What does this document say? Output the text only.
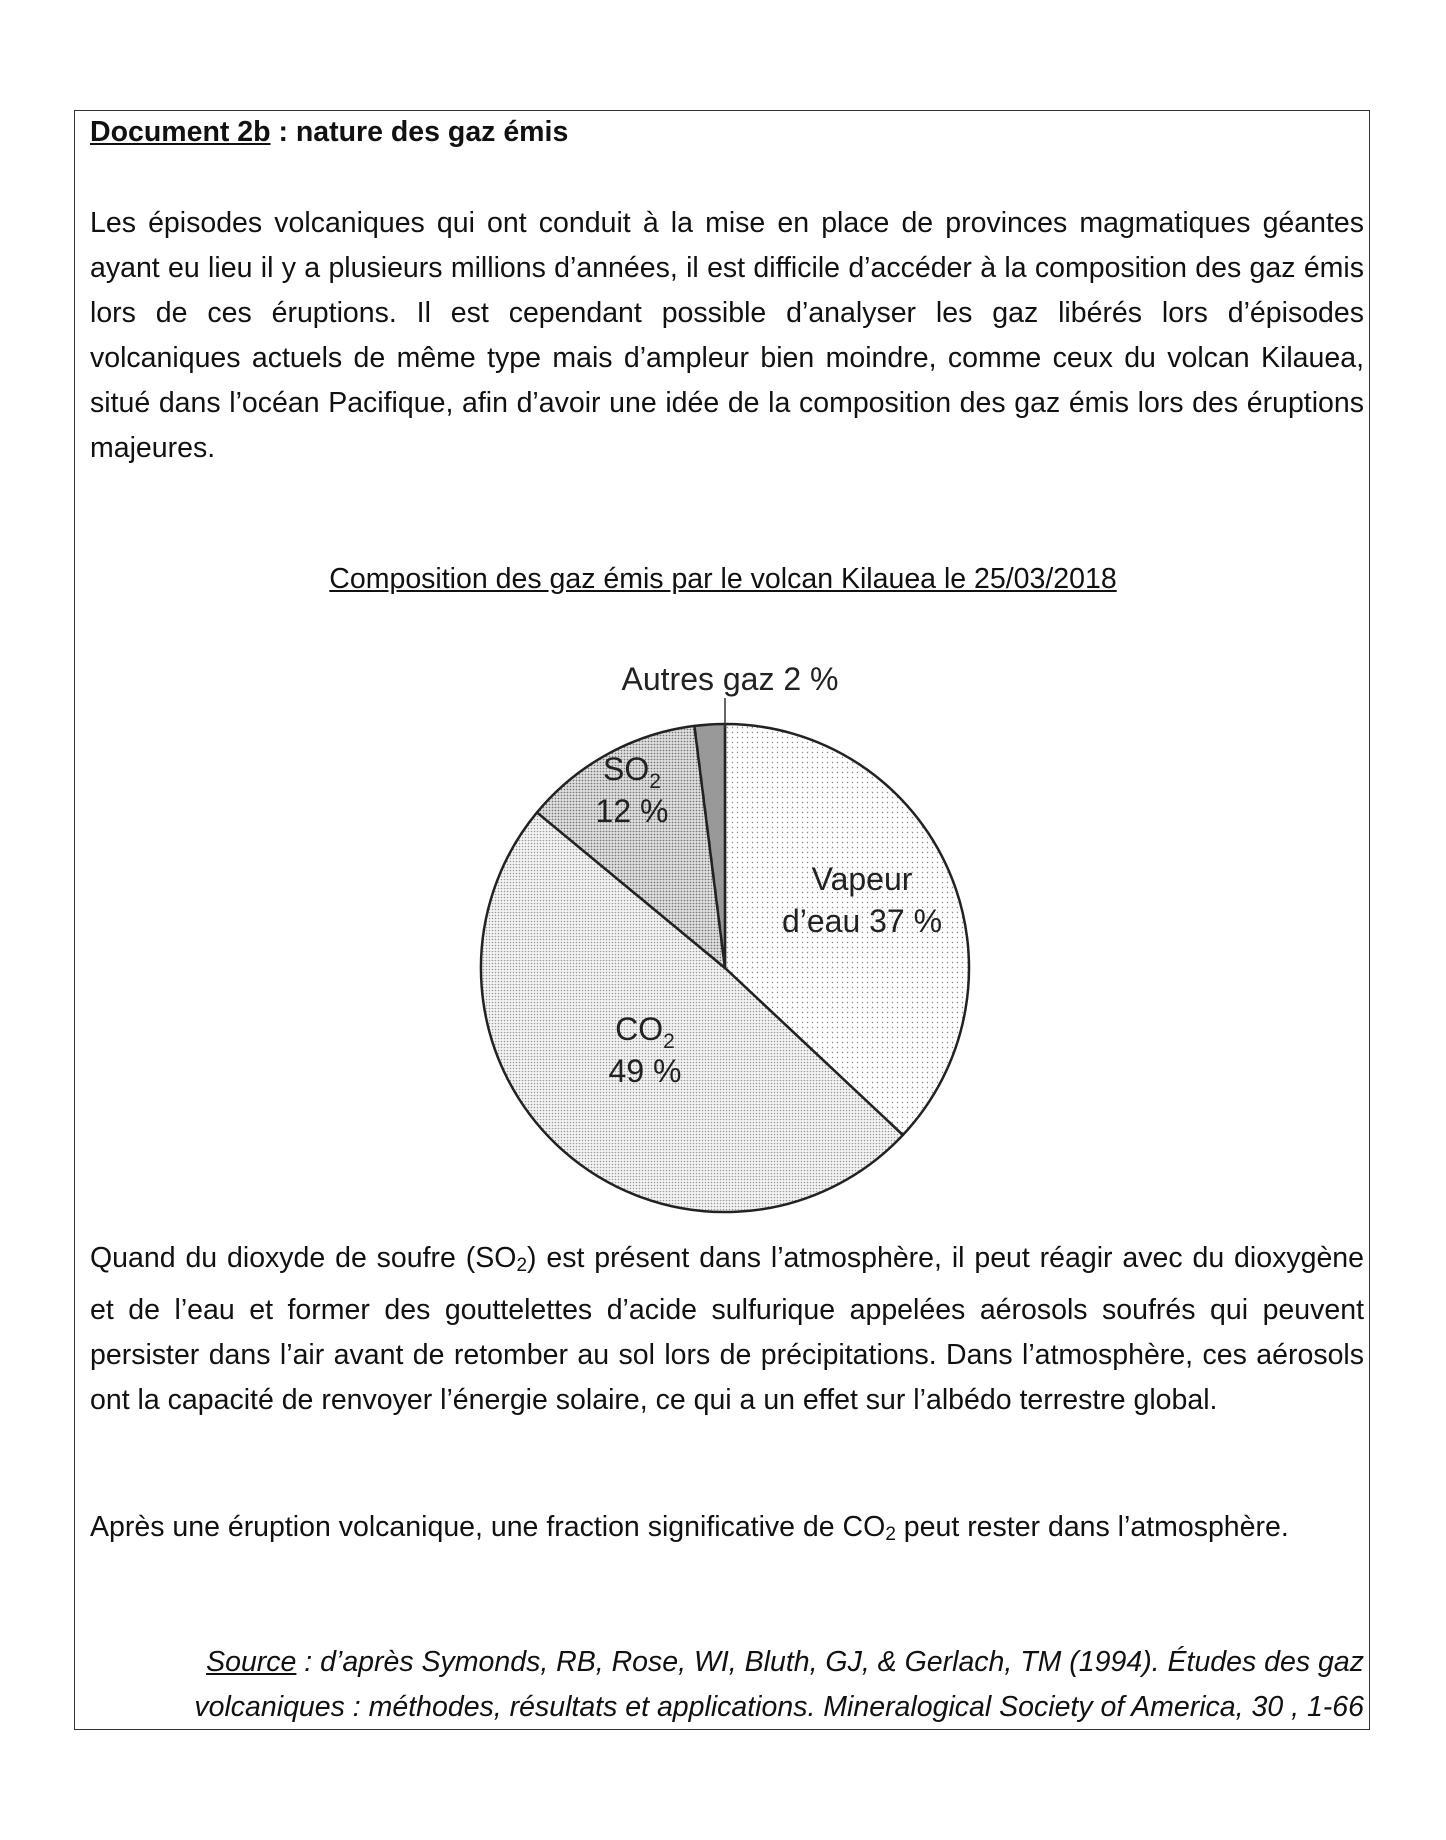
Document 2b : nature des gaz émis

Les épisodes volcaniques qui ont conduit à la mise en place de provinces magmatiques géantes ayant eu lieu il y a plusieurs millions d’années, il est difficile d’accéder à la composition des gaz émis lors de ces éruptions. Il est cependant possible d’analyser les gaz libérés lors d’épisodes volcaniques actuels de même type mais d’ampleur bien moindre, comme ceux du volcan Kilauea, situé dans l’océan Pacifique, afin d’avoir une idée de la composition des gaz émis lors des éruptions majeures.

Composition des gaz émis par le volcan Kilauea le 25/03/2018
Autres gaz 2 %
Vapeur
d’eau 37 %
$SO_2$
12 %
$CO_2$
49 %

Quand du dioxyde de soufre $(SO_2)$ est présent dans l’atmosphère, il peut réagir avec du dioxygène et de l’eau et former des gouttelettes d’acide sulfurique appelées aérosols soufrés qui peuvent persister dans l’air avant de retomber au sol lors de précipitations. Dans l’atmosphère, ces aérosols ont la capacité de renvoyer l’énergie solaire, ce qui a un effet sur l’albédo terrestre global.

Après une éruption volcanique, une fraction significative de $CO_2$ peut rester dans l’atmosphère.

Source : d’après Symonds, RB, Rose, WI, Bluth, GJ, & Gerlach, TM (1994). Études des gaz volcaniques : méthodes, résultats et applications. Mineralogical Society of America, 30 , 1-66
